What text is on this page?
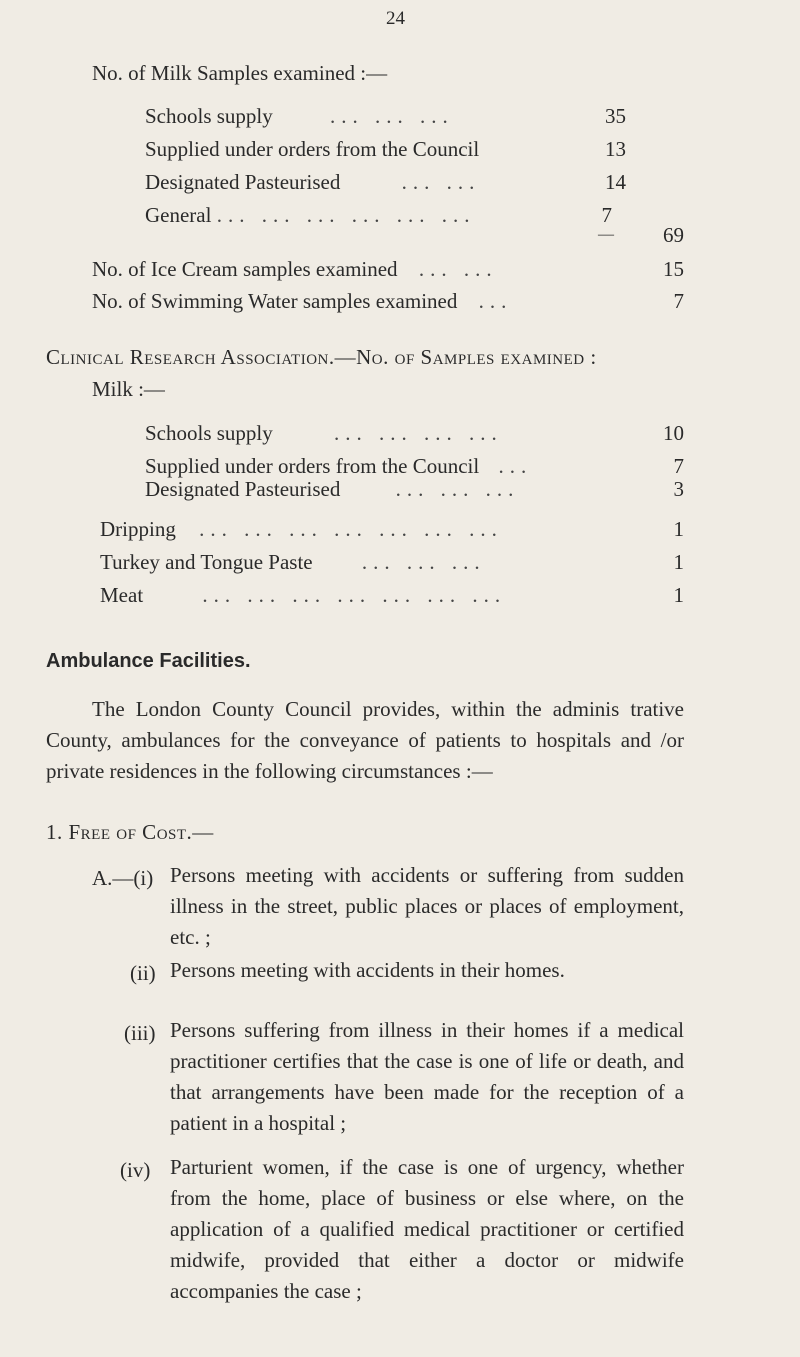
24
No. of Milk Samples examined :—
Schools supply	... ... ...	35
Supplied under orders from the Council	13
Designated Pasteurised	... ...	14
General ... ... ... ... ... ...	7
—	69
No. of Ice Cream samples examined ... ...	15
No. of Swimming Water samples examined ...	7
Clinical Research Association.—No. of Samples examined :
Milk :—
Schools supply	... ... ... ...	10
Supplied under orders from the Council ...	7
Designated Pasteurised	... ... ...	3
Dripping ... ... ... ... ... ... ...	1
Turkey and Tongue Paste ... ... ...	1
Meat	... ... ... ... ... ... ...	1
Ambulance Facilities.
The London County Council provides, within the adminis trative County, ambulances for the conveyance of patients to hospitals and /or private residences in the following circumstances :—
1. Free of Cost.—
A.—(i) Persons meeting with accidents or suffering from sudden illness in the street, public places or places of employment, etc. ;
(ii) Persons meeting with accidents in their homes.
(iii) Persons suffering from illness in their homes if a medical practitioner certifies that the case is one of life or death, and that arrangements have been made for the reception of a patient in a hospital ;
(iv) Parturient women, if the case is one of urgency, whether from the home, place of business or else where, on the application of a qualified medical practitioner or certified midwife, provided that either a doctor or midwife accompanies the case ;
